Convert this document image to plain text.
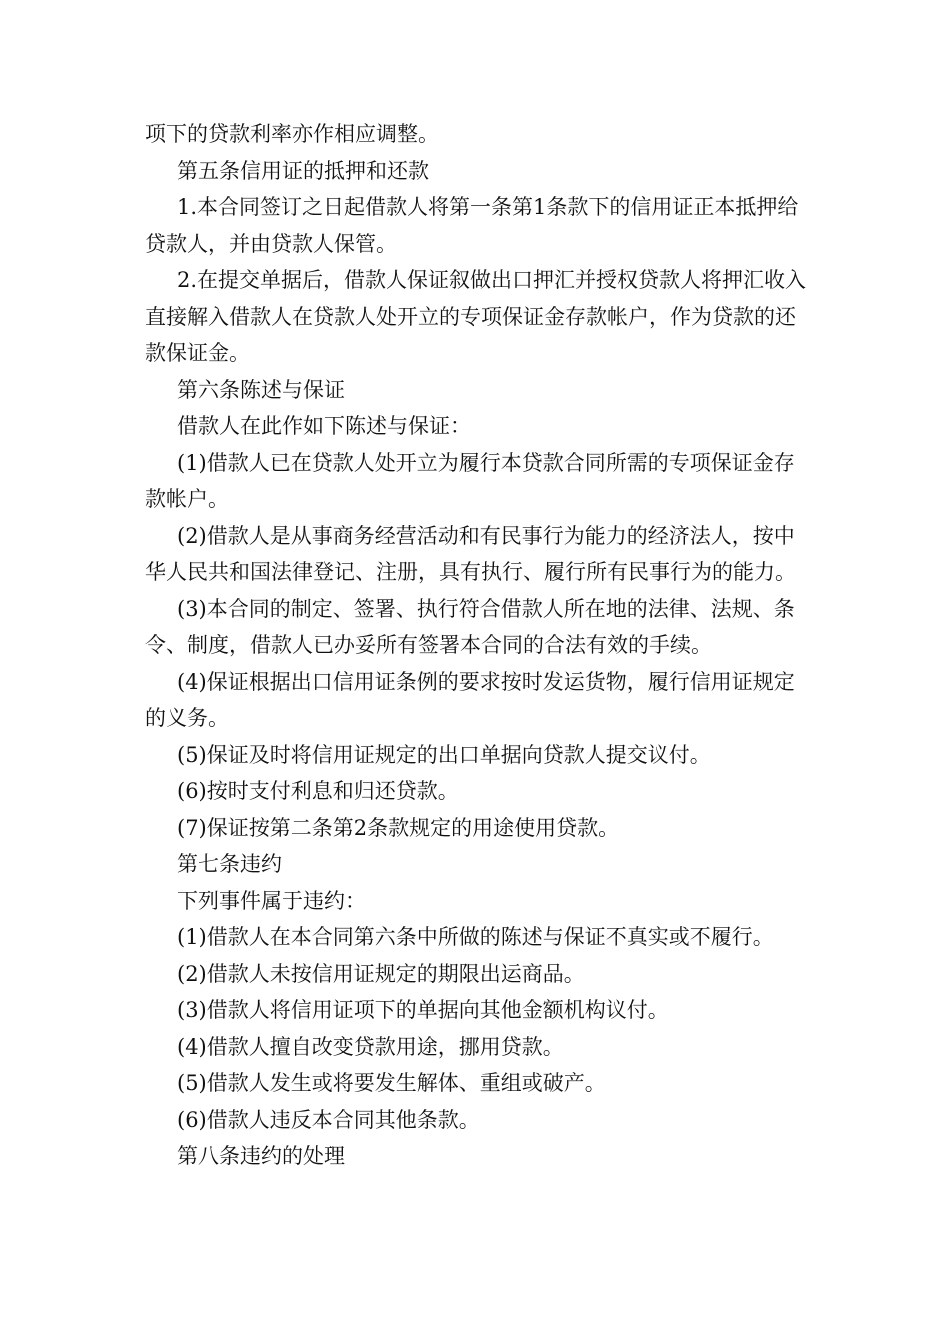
项下的贷款利率亦作相应调整。

第五条信用证的抵押和还款

1.本合同签订之日起借款人将第一条第1条款下的信用证正本抵押给贷款人，并由贷款人保管。

2.在提交单据后，借款人保证叙做出口押汇并授权贷款人将押汇收入直接解入借款人在贷款人处开立的专项保证金存款帐户，作为贷款的还款保证金。

第六条陈述与保证

借款人在此作如下陈述与保证：

(1)借款人已在贷款人处开立为履行本贷款合同所需的专项保证金存款帐户。

(2)借款人是从事商务经营活动和有民事行为能力的经济法人，按中华人民共和国法律登记、注册，具有执行、履行所有民事行为的能力。

(3)本合同的制定、签署、执行符合借款人所在地的法律、法规、条令、制度，借款人已办妥所有签署本合同的合法有效的手续。

(4)保证根据出口信用证条例的要求按时发运货物，履行信用证规定的义务。

(5)保证及时将信用证规定的出口单据向贷款人提交议付。

(6)按时支付利息和归还贷款。

(7)保证按第二条第2条款规定的用途使用贷款。

第七条违约

下列事件属于违约：

(1)借款人在本合同第六条中所做的陈述与保证不真实或不履行。

(2)借款人未按信用证规定的期限出运商品。

(3)借款人将信用证项下的单据向其他金额机构议付。

(4)借款人擅自改变贷款用途，挪用贷款。

(5)借款人发生或将要发生解体、重组或破产。

(6)借款人违反本合同其他条款。

第八条违约的处理
